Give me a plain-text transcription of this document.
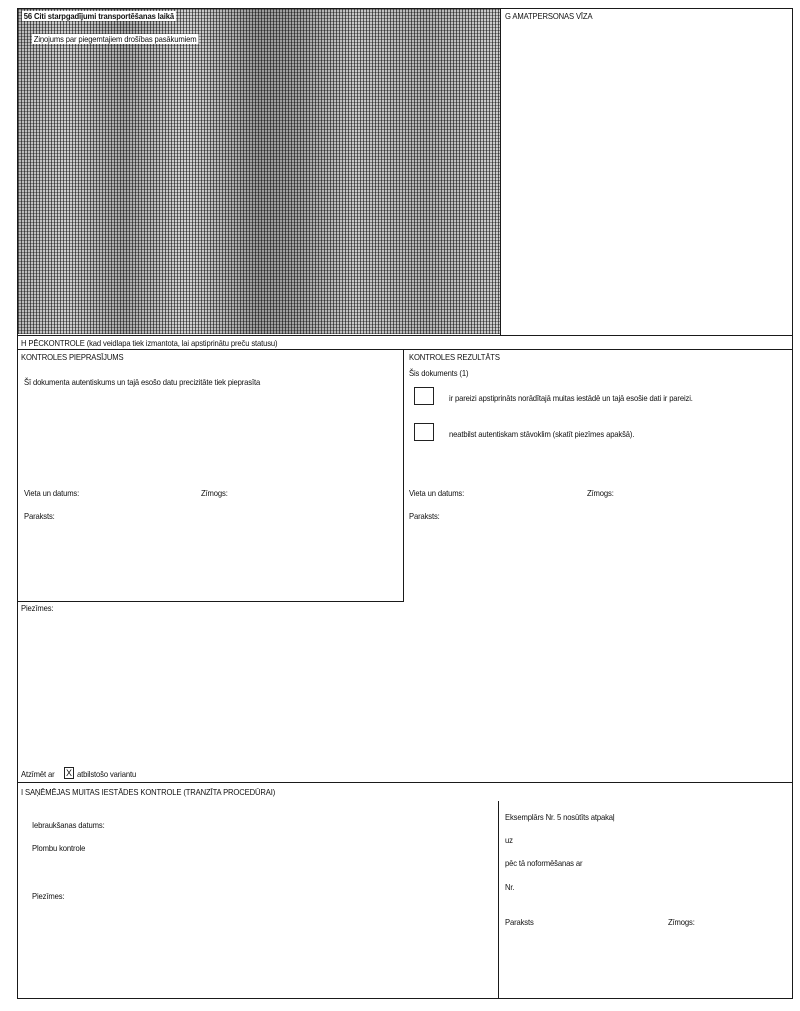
56 Citi starpgadījumi transportēšanas laikā
Ziņojums par piegemtajiem drošības pasākumiem
G AMATPERSONAS VĪZA
H PĒCKONTROLE (kad veidlapa tiek izmantota, lai apstiprinātu preču statusu)
KONTROLES PIEPRASĪJUMS
Šī dokumenta autentiskums un tajā esošo datu precizitāte tiek pieprasīta
Vieta un datums:	Zīmogs:
Paraksts:
KONTROLES REZULTĀTS
Šis dokuments (1)
ir pareizi apstiprināts norādītajā muitas iestādē un tajā esošie dati ir pareizi.
neatbilst autentiskam stāvoklim (skatīt piezīmes apakšā).
Vieta un datums:	Zīmogs:
Paraksts:
Piezīmes:
Atzīmēt ar X atbilstošo variantu
I SAŅĒMĒJAS MUITAS IESTĀDES KONTROLE (TRANZĪTA PROCEDŪRAI)
Iebraukšanas datums:
Plombu kontrole
Piezīmes:
Eksemplārs Nr. 5 nosūtīts atpakaļ
uz
pēc tā noformēšanas ar
Nr.
Paraksts	Zīmogs:
